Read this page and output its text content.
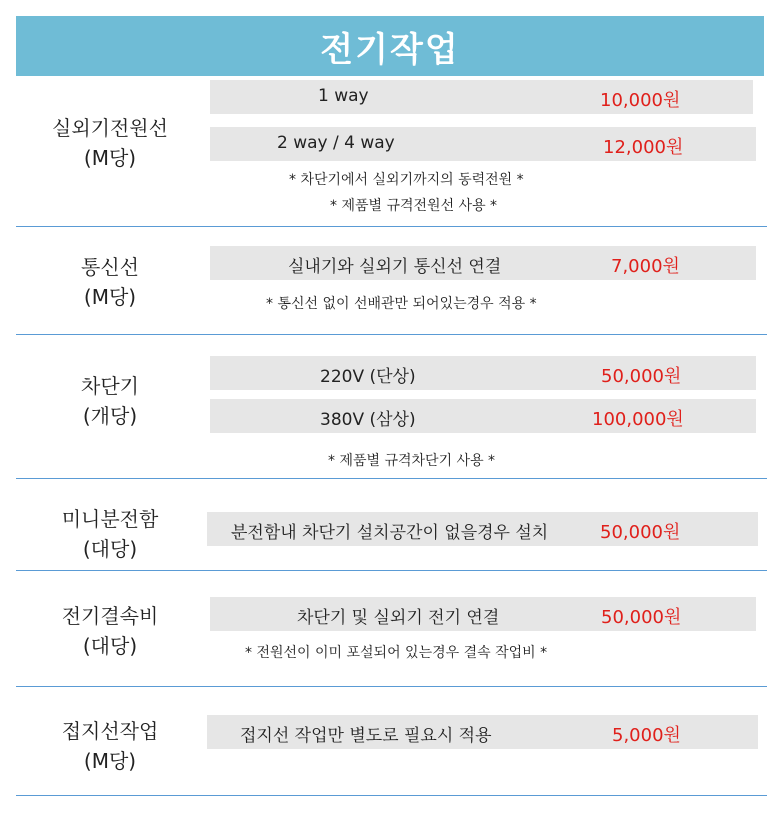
전기작업
실외기전원선
(M당)
1 way	10,000원
2 way / 4 way	12,000원
* 차단기에서 실외기까지의 동력전원 *
* 제품별 규격전원선 사용 *
통신선
(M당)
실내기와 실외기 통신선 연결	7,000원
* 통신선 없이 선배관만 되어있는경우 적용 *
차단기
(개당)
220V (단상)	50,000원
380V (삼상)	100,000원
* 제품별 규격차단기 사용 *
미니분전함
(대당)
분전함내 차단기 설치공간이 없을경우 설치	50,000원
전기결속비
(대당)
차단기 및 실외기 전기 연결	50,000원
* 전원선이 이미 포설되어 있는경우 결속 작업비 *
접지선작업
(M당)
접지선 작업만 별도로 필요시 적용	5,000원
